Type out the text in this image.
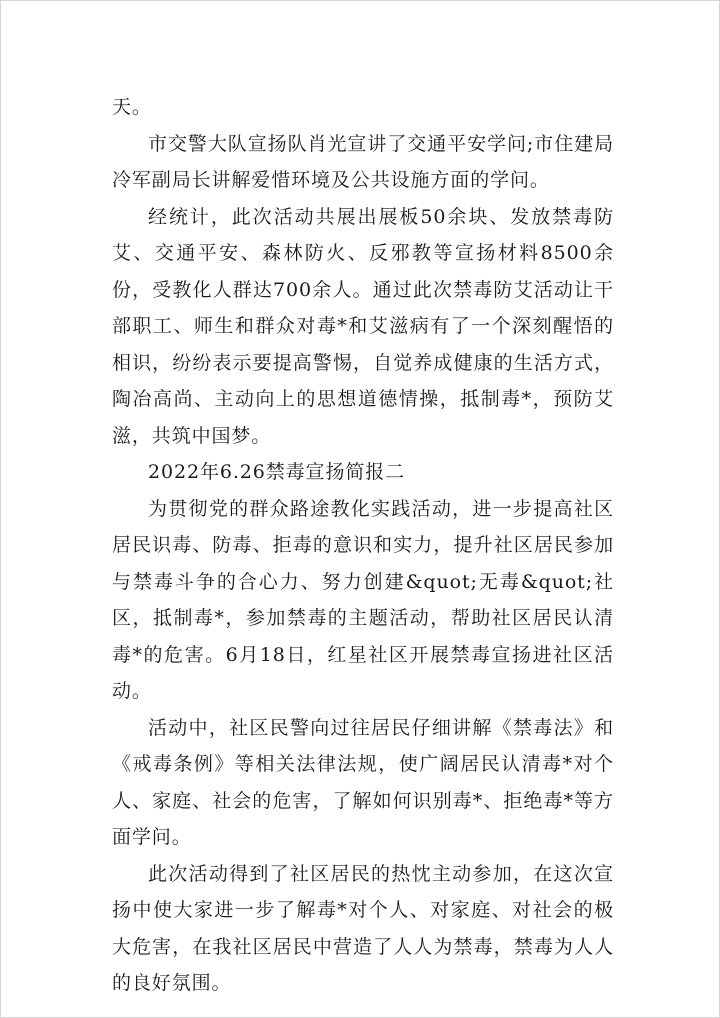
天。

市交警大队宣扬队肖光宣讲了交通平安学问;市住建局冷军副局长讲解爱惜环境及公共设施方面的学问。

经统计，此次活动共展出展板50余块、发放禁毒防艾、交通平安、森林防火、反邪教等宣扬材料8500余份，受教化人群达700余人。通过此次禁毒防艾活动让干部职工、师生和群众对毒*和艾滋病有了一个深刻醒悟的相识，纷纷表示要提高警惕，自觉养成健康的生活方式，陶冶高尚、主动向上的思想道德情操，抵制毒*，预防艾滋，共筑中国梦。

2022年6.26禁毒宣扬简报二

为贯彻党的群众路途教化实践活动，进一步提高社区居民识毒、防毒、拒毒的意识和实力，提升社区居民参加与禁毒斗争的合心力、努力创建&quot;无毒&quot;社区，抵制毒*，参加禁毒的主题活动，帮助社区居民认清毒*的危害。6月18日，红星社区开展禁毒宣扬进社区活动。

活动中，社区民警向过往居民仔细讲解《禁毒法》和《戒毒条例》等相关法律法规，使广阔居民认清毒*对个人、家庭、社会的危害，了解如何识别毒*、拒绝毒*等方面学问。

此次活动得到了社区居民的热忱主动参加，在这次宣扬中使大家进一步了解毒*对个人、对家庭、对社会的极大危害，在我社区居民中营造了人人为禁毒，禁毒为人人的良好氛围。
